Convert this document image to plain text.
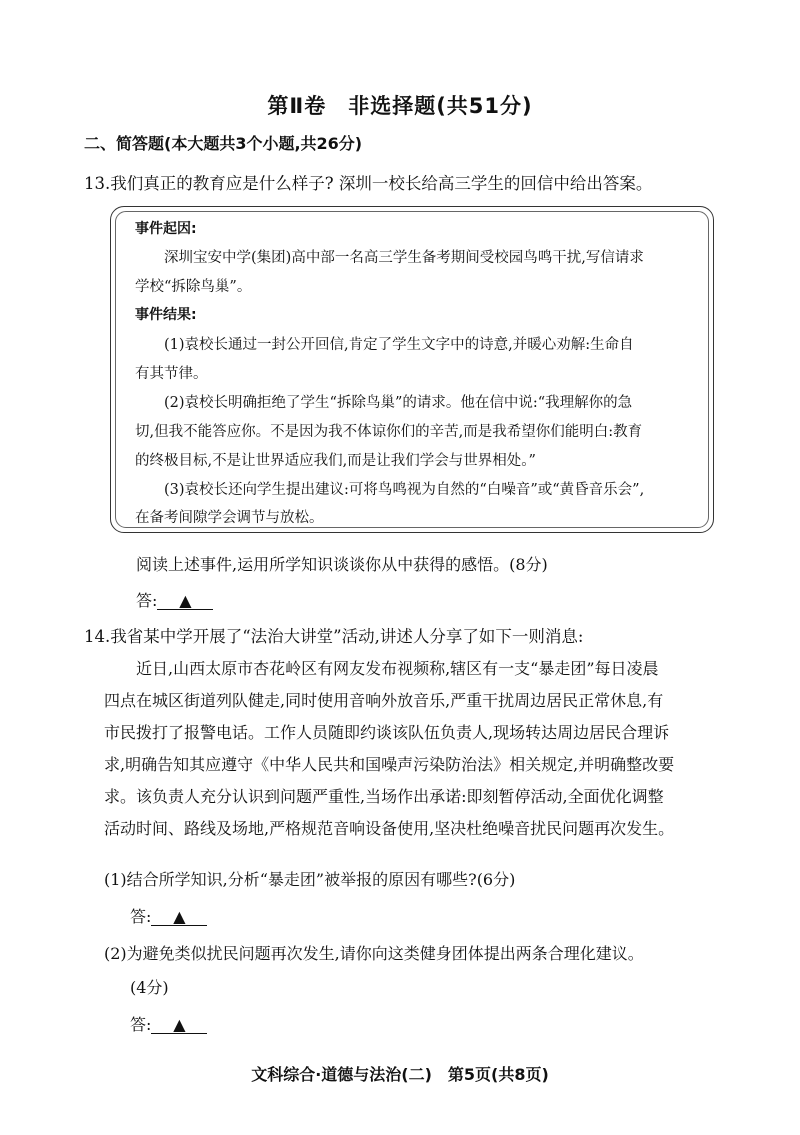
第Ⅱ卷　非选择题(共51分)
二、简答题(本大题共3个小题,共26分)
13.我们真正的教育应是什么样子? 深圳一校长给高三学生的回信中给出答案。
事件起因:
深圳宝安中学(集团)高中部一名高三学生备考期间受校园鸟鸣干扰,写信请求
学校“拆除鸟巢”。
事件结果:
(1)袁校长通过一封公开回信,肯定了学生文字中的诗意,并暖心劝解:生命自
有其节律。
(2)袁校长明确拒绝了学生“拆除鸟巢”的请求。他在信中说:“我理解你的急
切,但我不能答应你。不是因为我不体谅你们的辛苦,而是我希望你们能明白:教育
的终极目标,不是让世界适应我们,而是让我们学会与世界相处。”
(3)袁校长还向学生提出建议:可将鸟鸣视为自然的“白噪音”或“黄昏音乐会”,
在备考间隙学会调节与放松。
阅读上述事件,运用所学知识谈谈你从中获得的感悟。(8分)
答: ▲
14.我省某中学开展了“法治大讲堂”活动,讲述人分享了如下一则消息:
近日,山西太原市杏花岭区有网友发布视频称,辖区有一支“暴走团”每日凌晨
四点在城区街道列队健走,同时使用音响外放音乐,严重干扰周边居民正常休息,有
市民拨打了报警电话。工作人员随即约谈该队伍负责人,现场转达周边居民合理诉
求,明确告知其应遵守《中华人民共和国噪声污染防治法》相关规定,并明确整改要
求。该负责人充分认识到问题严重性,当场作出承诺:即刻暂停活动,全面优化调整
活动时间、路线及场地,严格规范音响设备使用,坚决杜绝噪音扰民问题再次发生。
(1)结合所学知识,分析“暴走团”被举报的原因有哪些?(6分)
答: ▲
(2)为避免类似扰民问题再次发生,请你向这类健身团体提出两条合理化建议。
(4分)
答: ▲
文科综合·道德与法治(二)　第5页(共8页)
